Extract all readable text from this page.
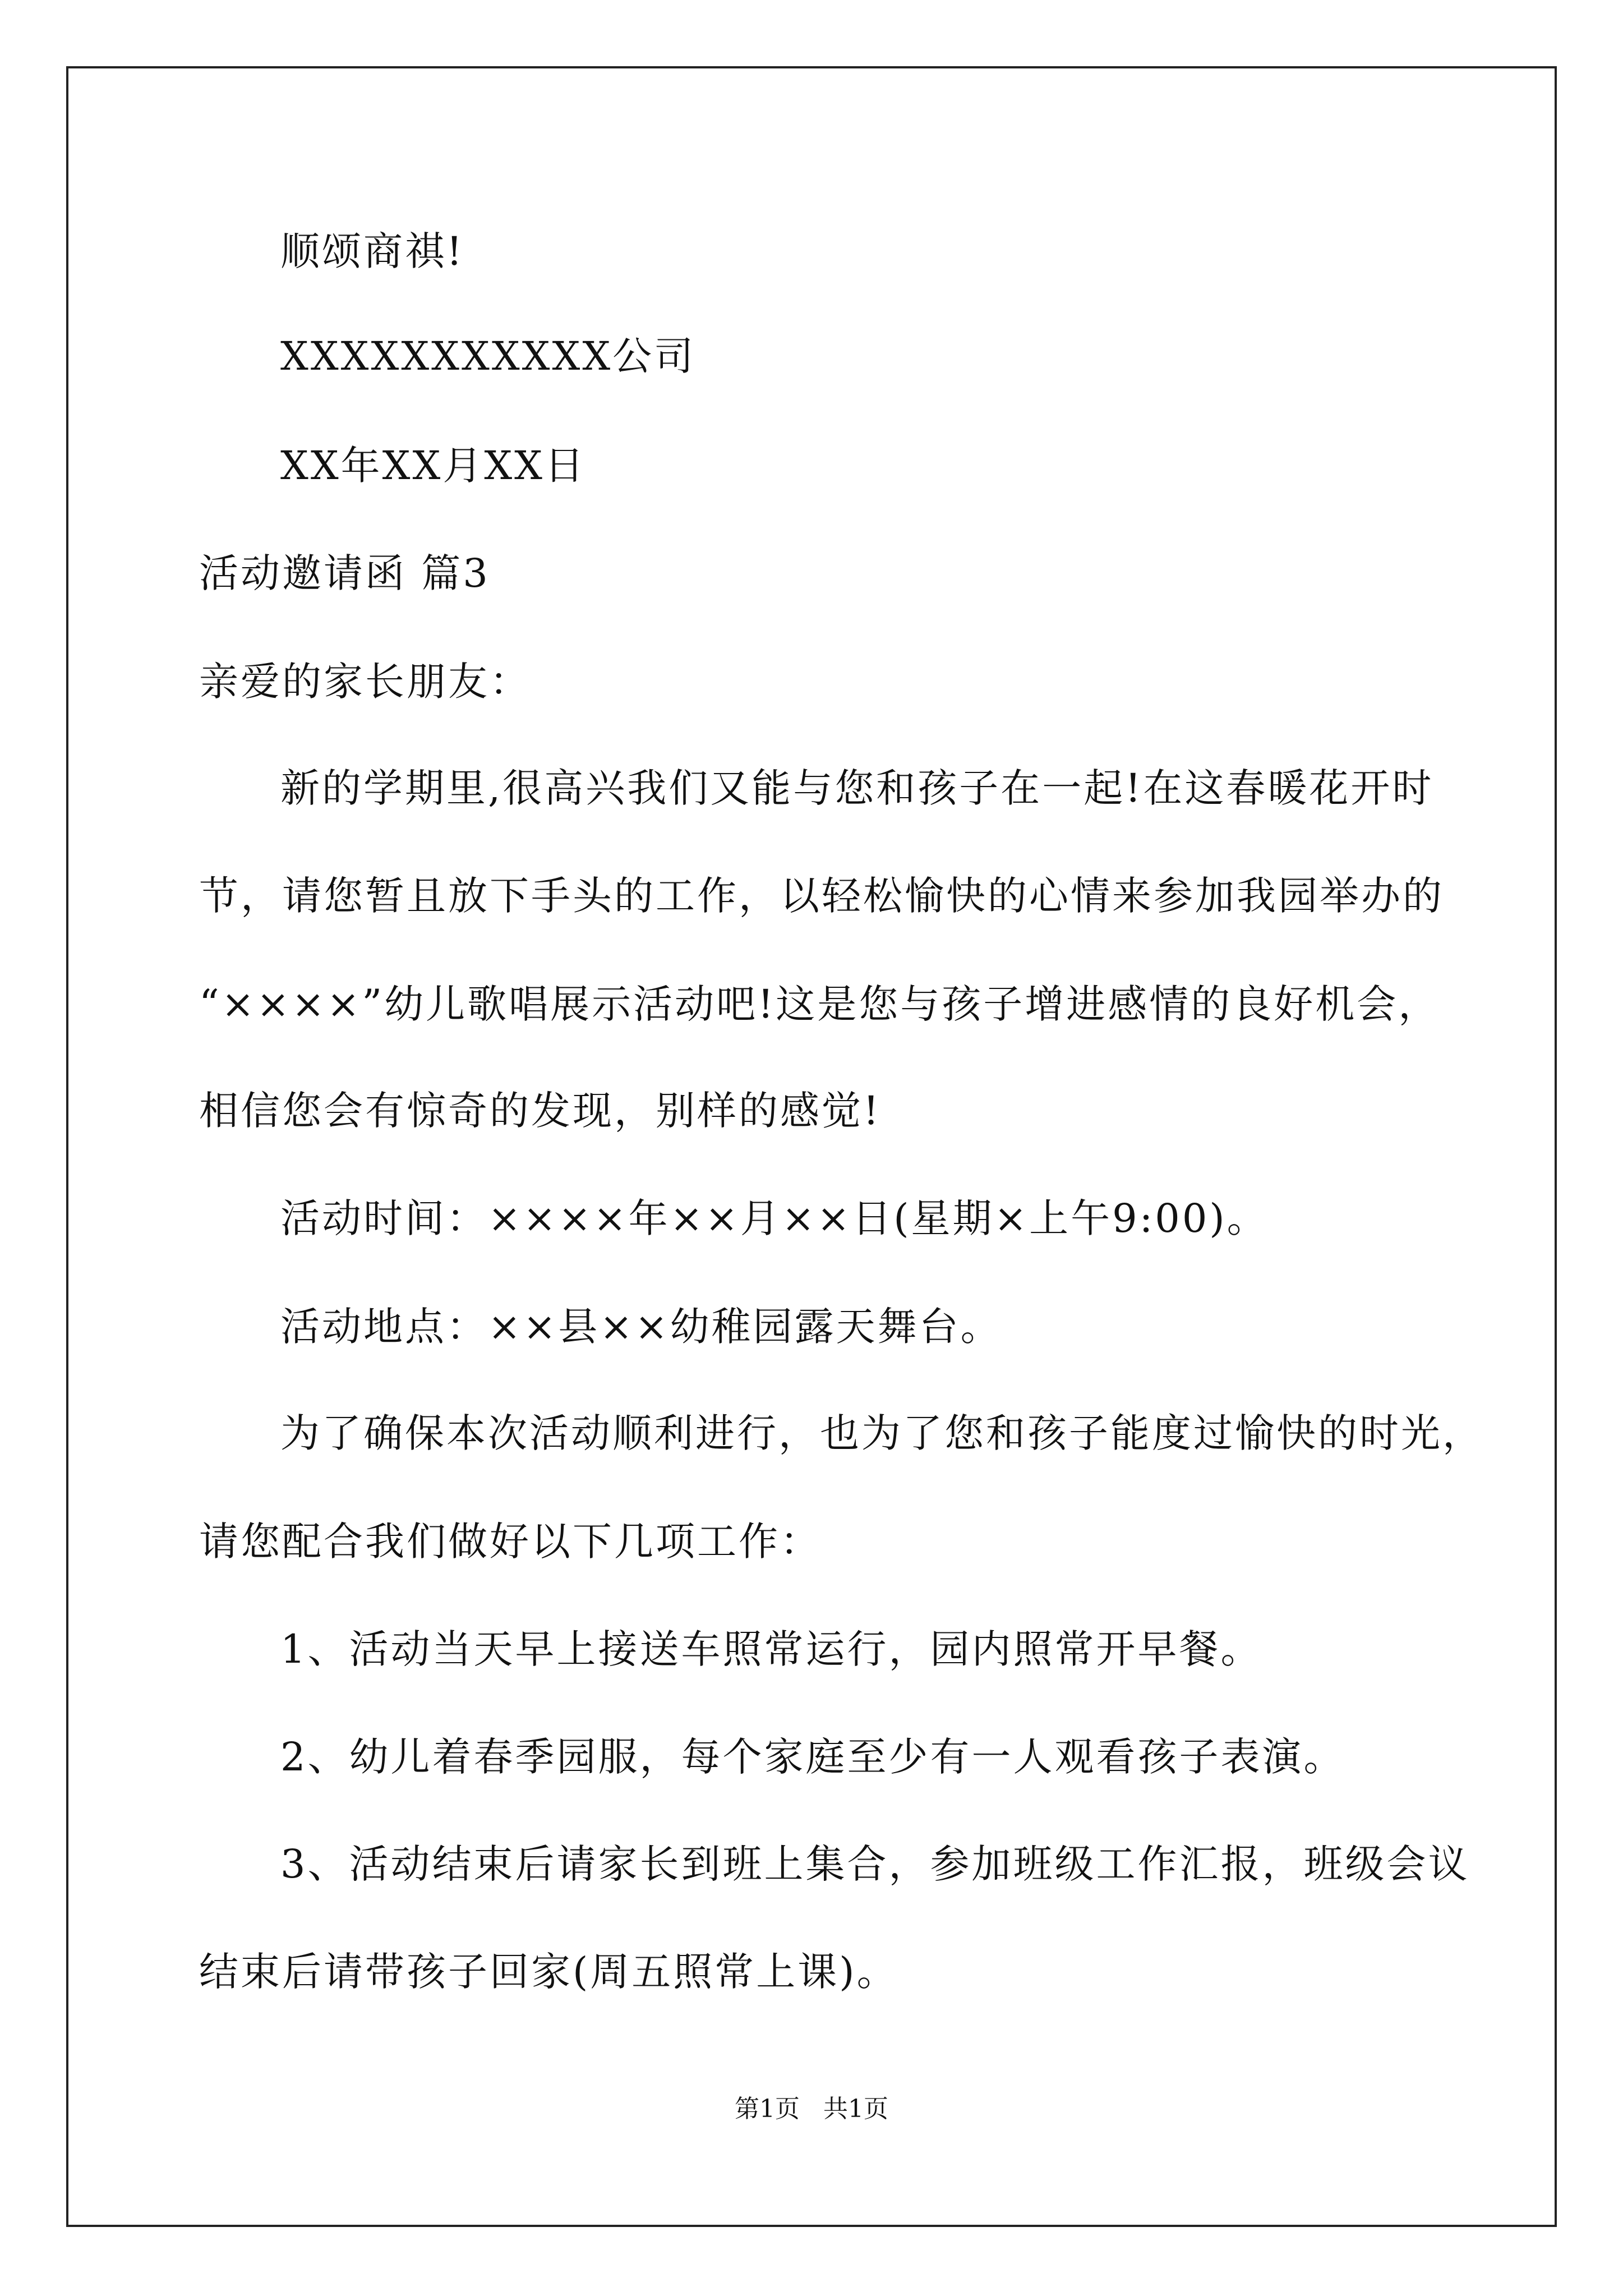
顺颂商祺!

XXXXXXXXXXX公司

XX年XX月XX日

活动邀请函 篇3

亲爱的家长朋友：

新的学期里,很高兴我们又能与您和孩子在一起!在这春暖花开时

节，请您暂且放下手头的工作，以轻松愉快的心情来参加我园举办的

“××××”幼儿歌唱展示活动吧!这是您与孩子增进感情的良好机会，

相信您会有惊奇的发现，别样的感觉!

活动时间：××××年××月××日(星期×上午9:00)。

活动地点：××县××幼稚园露天舞台。

为了确保本次活动顺利进行，也为了您和孩子能度过愉快的时光，

请您配合我们做好以下几项工作：

1、活动当天早上接送车照常运行，园内照常开早餐。

2、幼儿着春季园服，每个家庭至少有一人观看孩子表演。

3、活动结束后请家长到班上集合，参加班级工作汇报，班级会议

结束后请带孩子回家(周五照常上课)。

第1页   共1页
